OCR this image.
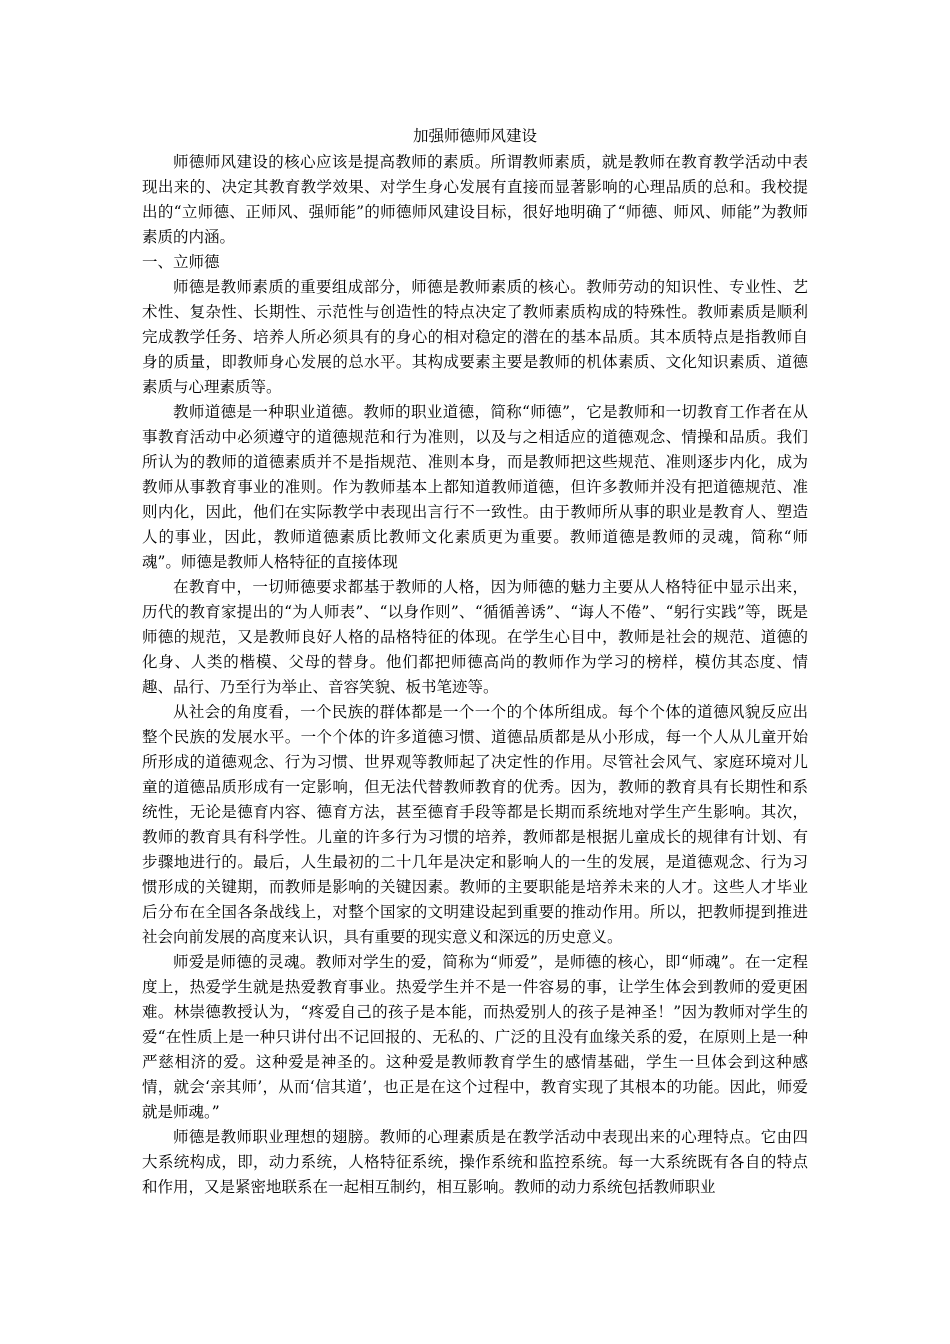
加强师德师风建设

师德师风建设的核心应该是提高教师的素质。所谓教师素质，就是教师在教育教学活动中表现出来的、决定其教育教学效果、对学生身心发展有直接而显著影响的心理品质的总和。我校提出的“立师德、正师风、强师能”的师德师风建设目标，很好地明确了“师德、师风、师能”为教师素质的内涵。

一、立师德

师德是教师素质的重要组成部分，师德是教师素质的核心。教师劳动的知识性、专业性、艺术性、复杂性、长期性、示范性与创造性的特点决定了教师素质构成的特殊性。教师素质是顺利完成教学任务、培养人所必须具有的身心的相对稳定的潜在的基本品质。其本质特点是指教师自身的质量，即教师身心发展的总水平。其构成要素主要是教师的机体素质、文化知识素质、道德素质与心理素质等。

教师道德是一种职业道德。教师的职业道德，简称“师德”，它是教师和一切教育工作者在从事教育活动中必须遵守的道德规范和行为准则，以及与之相适应的道德观念、情操和品质。我们所认为的教师的道德素质并不是指规范、准则本身，而是教师把这些规范、准则逐步内化，成为教师从事教育事业的准则。作为教师基本上都知道教师道德，但许多教师并没有把道德规范、准则内化，因此，他们在实际教学中表现出言行不一致性。由于教师所从事的职业是教育人、塑造人的事业，因此，教师道德素质比教师文化素质更为重要。教师道德是教师的灵魂，简称“师魂”。师德是教师人格特征的直接体现

在教育中，一切师德要求都基于教师的人格，因为师德的魅力主要从人格特征中显示出来，历代的教育家提出的“为人师表”、“以身作则”、“循循善诱”、“诲人不倦”、“躬行实践”等，既是师德的规范，又是教师良好人格的品格特征的体现。在学生心目中，教师是社会的规范、道德的化身、人类的楷模、父母的替身。他们都把师德高尚的教师作为学习的榜样，模仿其态度、情趣、品行、乃至行为举止、音容笑貌、板书笔迹等。

从社会的角度看，一个民族的群体都是一个一个的个体所组成。每个个体的道德风貌反应出整个民族的发展水平。一个个体的许多道德习惯、道德品质都是从小形成，每一个人从儿童开始所形成的道德观念、行为习惯、世界观等教师起了决定性的作用。尽管社会风气、家庭环境对儿童的道德品质形成有一定影响，但无法代替教师教育的优秀。因为，教师的教育具有长期性和系统性，无论是德育内容、德育方法，甚至德育手段等都是长期而系统地对学生产生影响。其次，教师的教育具有科学性。儿童的许多行为习惯的培养，教师都是根据儿童成长的规律有计划、有步骤地进行的。最后，人生最初的二十几年是决定和影响人的一生的发展，是道德观念、行为习惯形成的关键期，而教师是影响的关键因素。教师的主要职能是培养未来的人才。这些人才毕业后分布在全国各条战线上，对整个国家的文明建设起到重要的推动作用。所以，把教师提到推进社会向前发展的高度来认识，具有重要的现实意义和深远的历史意义。

师爱是师德的灵魂。教师对学生的爱，简称为“师爱”，是师德的核心，即“师魂”。在一定程度上，热爱学生就是热爱教育事业。热爱学生并不是一件容易的事，让学生体会到教师的爱更困难。林崇德教授认为，“疼爱自己的孩子是本能，而热爱别人的孩子是神圣！”因为教师对学生的爱“在性质上是一种只讲付出不记回报的、无私的、广泛的且没有血缘关系的爱，在原则上是一种严慈相济的爱。这种爱是神圣的。这种爱是教师教育学生的感情基础，学生一旦体会到这种感情，就会‘亲其师’，从而‘信其道’，也正是在这个过程中，教育实现了其根本的功能。因此，师爱就是师魂。”

师德是教师职业理想的翅膀。教师的心理素质是在教学活动中表现出来的心理特点。它由四大系统构成，即，动力系统，人格特征系统，操作系统和监控系统。每一大系统既有各自的特点和作用，又是紧密地联系在一起相互制约，相互影响。教师的动力系统包括教师职业
